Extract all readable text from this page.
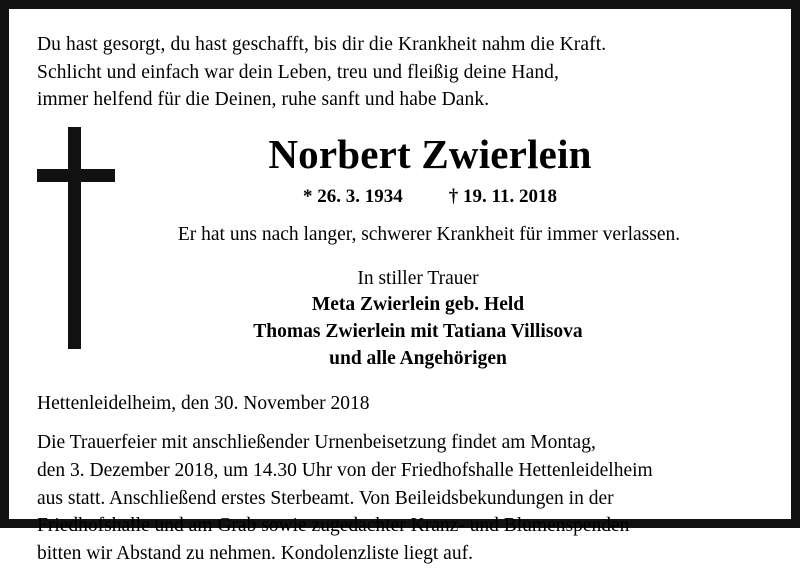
Du hast gesorgt, du hast geschafft, bis dir die Krankheit nahm die Kraft.
Schlicht und einfach war dein Leben, treu und fleißig deine Hand,
immer helfend für die Deinen, ruhe sanft und habe Dank.
Norbert Zwierlein
* 26. 3. 1934 † 19. 11. 2018
Er hat uns nach langer, schwerer Krankheit für immer verlassen.
In stiller Trauer
Meta Zwierlein geb. Held
Thomas Zwierlein mit Tatiana Villisova
und alle Angehörigen
Hettenleidelheim, den 30. November 2018
Die Trauerfeier mit anschließender Urnenbeisetzung findet am Montag,
den 3. Dezember 2018, um 14.30 Uhr von der Friedhofshalle Hettenleidelheim
aus statt. Anschließend erstes Sterbeamt. Von Beileidsbekundungen in der
Friedhofshalle und am Grab sowie zugedachter Kranz- und Blumenspenden
bitten wir Abstand zu nehmen. Kondolenzliste liegt auf.
